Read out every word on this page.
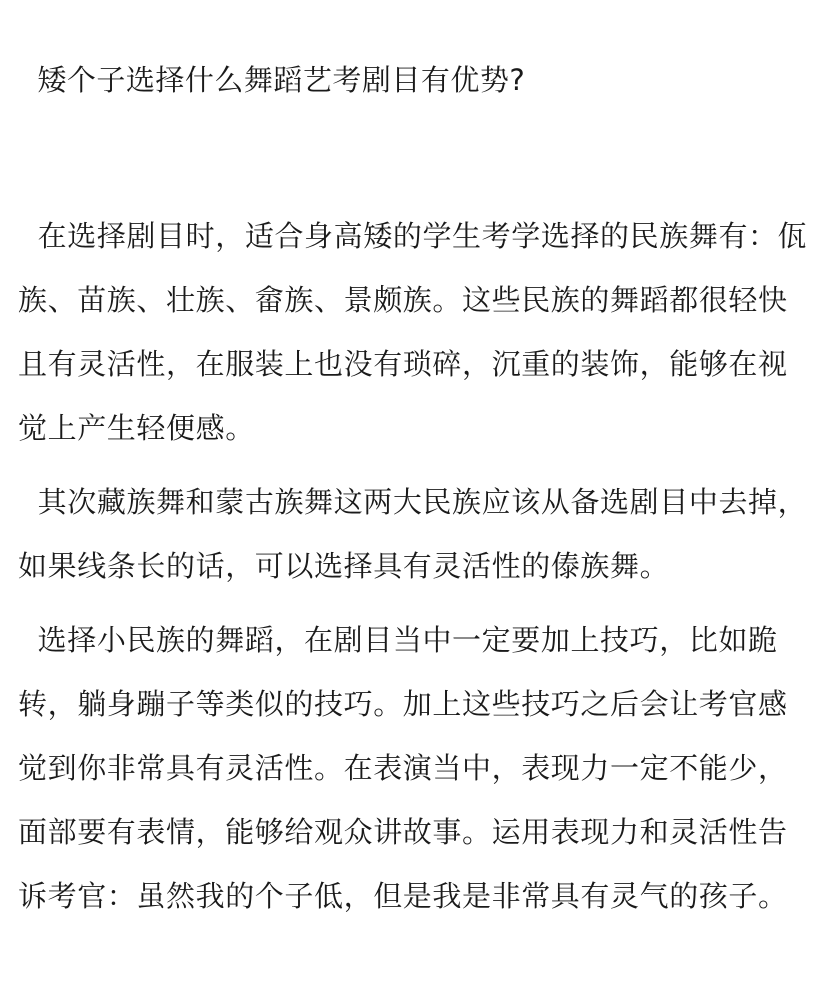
矮个子选择什么舞蹈艺考剧目有优势?

在选择剧目时，适合身高矮的学生考学选择的民族舞有：佤族、苗族、壮族、畲族、景颇族。这些民族的舞蹈都很轻快且有灵活性，在服装上也没有琐碎，沉重的装饰，能够在视觉上产生轻便感。

其次藏族舞和蒙古族舞这两大民族应该从备选剧目中去掉，如果线条长的话，可以选择具有灵活性的傣族舞。

选择小民族的舞蹈，在剧目当中一定要加上技巧，比如跪转，躺身蹦子等类似的技巧。加上这些技巧之后会让考官感觉到你非常具有灵活性。在表演当中，表现力一定不能少，面部要有表情，能够给观众讲故事。运用表现力和灵活性告诉考官：虽然我的个子低，但是我是非常具有灵气的孩子。
